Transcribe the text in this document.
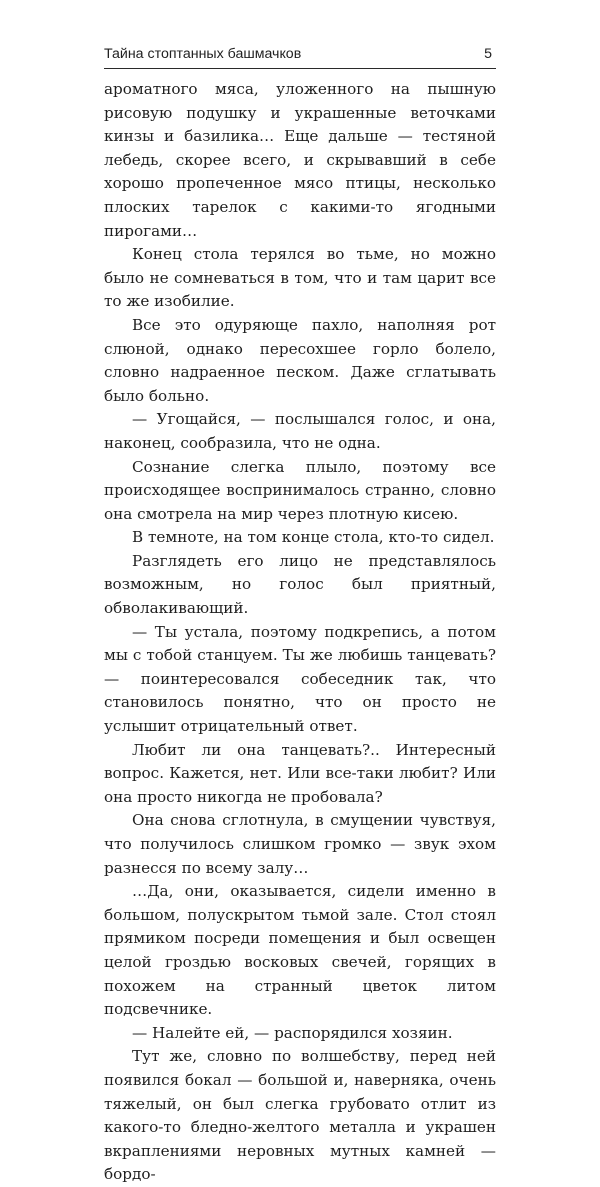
Тайна стоптанных башмачков	5

ароматного мяса, уложенного на пышную рисовую подушку и украшенные веточками кинзы и базилика… Еще дальше — тестяной лебедь, скорее всего, и скрывавший в себе хорошо пропеченное мясо птицы, несколько плоских тарелок с какими-то ягодными пирогами…

Конец стола терялся во тьме, но можно было не сомневаться в том, что и там царит все то же изобилие.

Все это одуряюще пахло, наполняя рот слюной, однако пересохшее горло болело, словно надраенное песком. Даже сглатывать было больно.

— Угощайся, — послышался голос, и она, наконец, сообразила, что не одна.

Сознание слегка плыло, поэтому все происходящее воспринималось странно, словно она смотрела на мир через плотную кисею.

В темноте, на том конце стола, кто-то сидел.

Разглядеть его лицо не представлялось возможным, но голос был приятный, обволакивающий.

— Ты устала, поэтому подкрепись, а потом мы с тобой станцуем. Ты же любишь танцевать? — поинтересовался собеседник так, что становилось понятно, что он просто не услышит отрицательный ответ.

Любит ли она танцевать?.. Интересный вопрос. Кажется, нет. Или все-таки любит? Или она просто никогда не пробовала?

Она снова сглотнула, в смущении чувствуя, что получилось слишком громко — звук эхом разнесся по всему залу…

…Да, они, оказывается, сидели именно в большом, полускрытом тьмой зале. Стол стоял прямиком посреди помещения и был освещен целой гроздью восковых свечей, горящих в похожем на странный цветок литом подсвечнике.

— Налейте ей, — распорядился хозяин.

Тут же, словно по волшебству, перед ней появился бокал — большой и, наверняка, очень тяжелый, он был слегка грубовато отлит из какого-то бледно-желтого металла и украшен вкраплениями неровных мутных камней — бордо-
